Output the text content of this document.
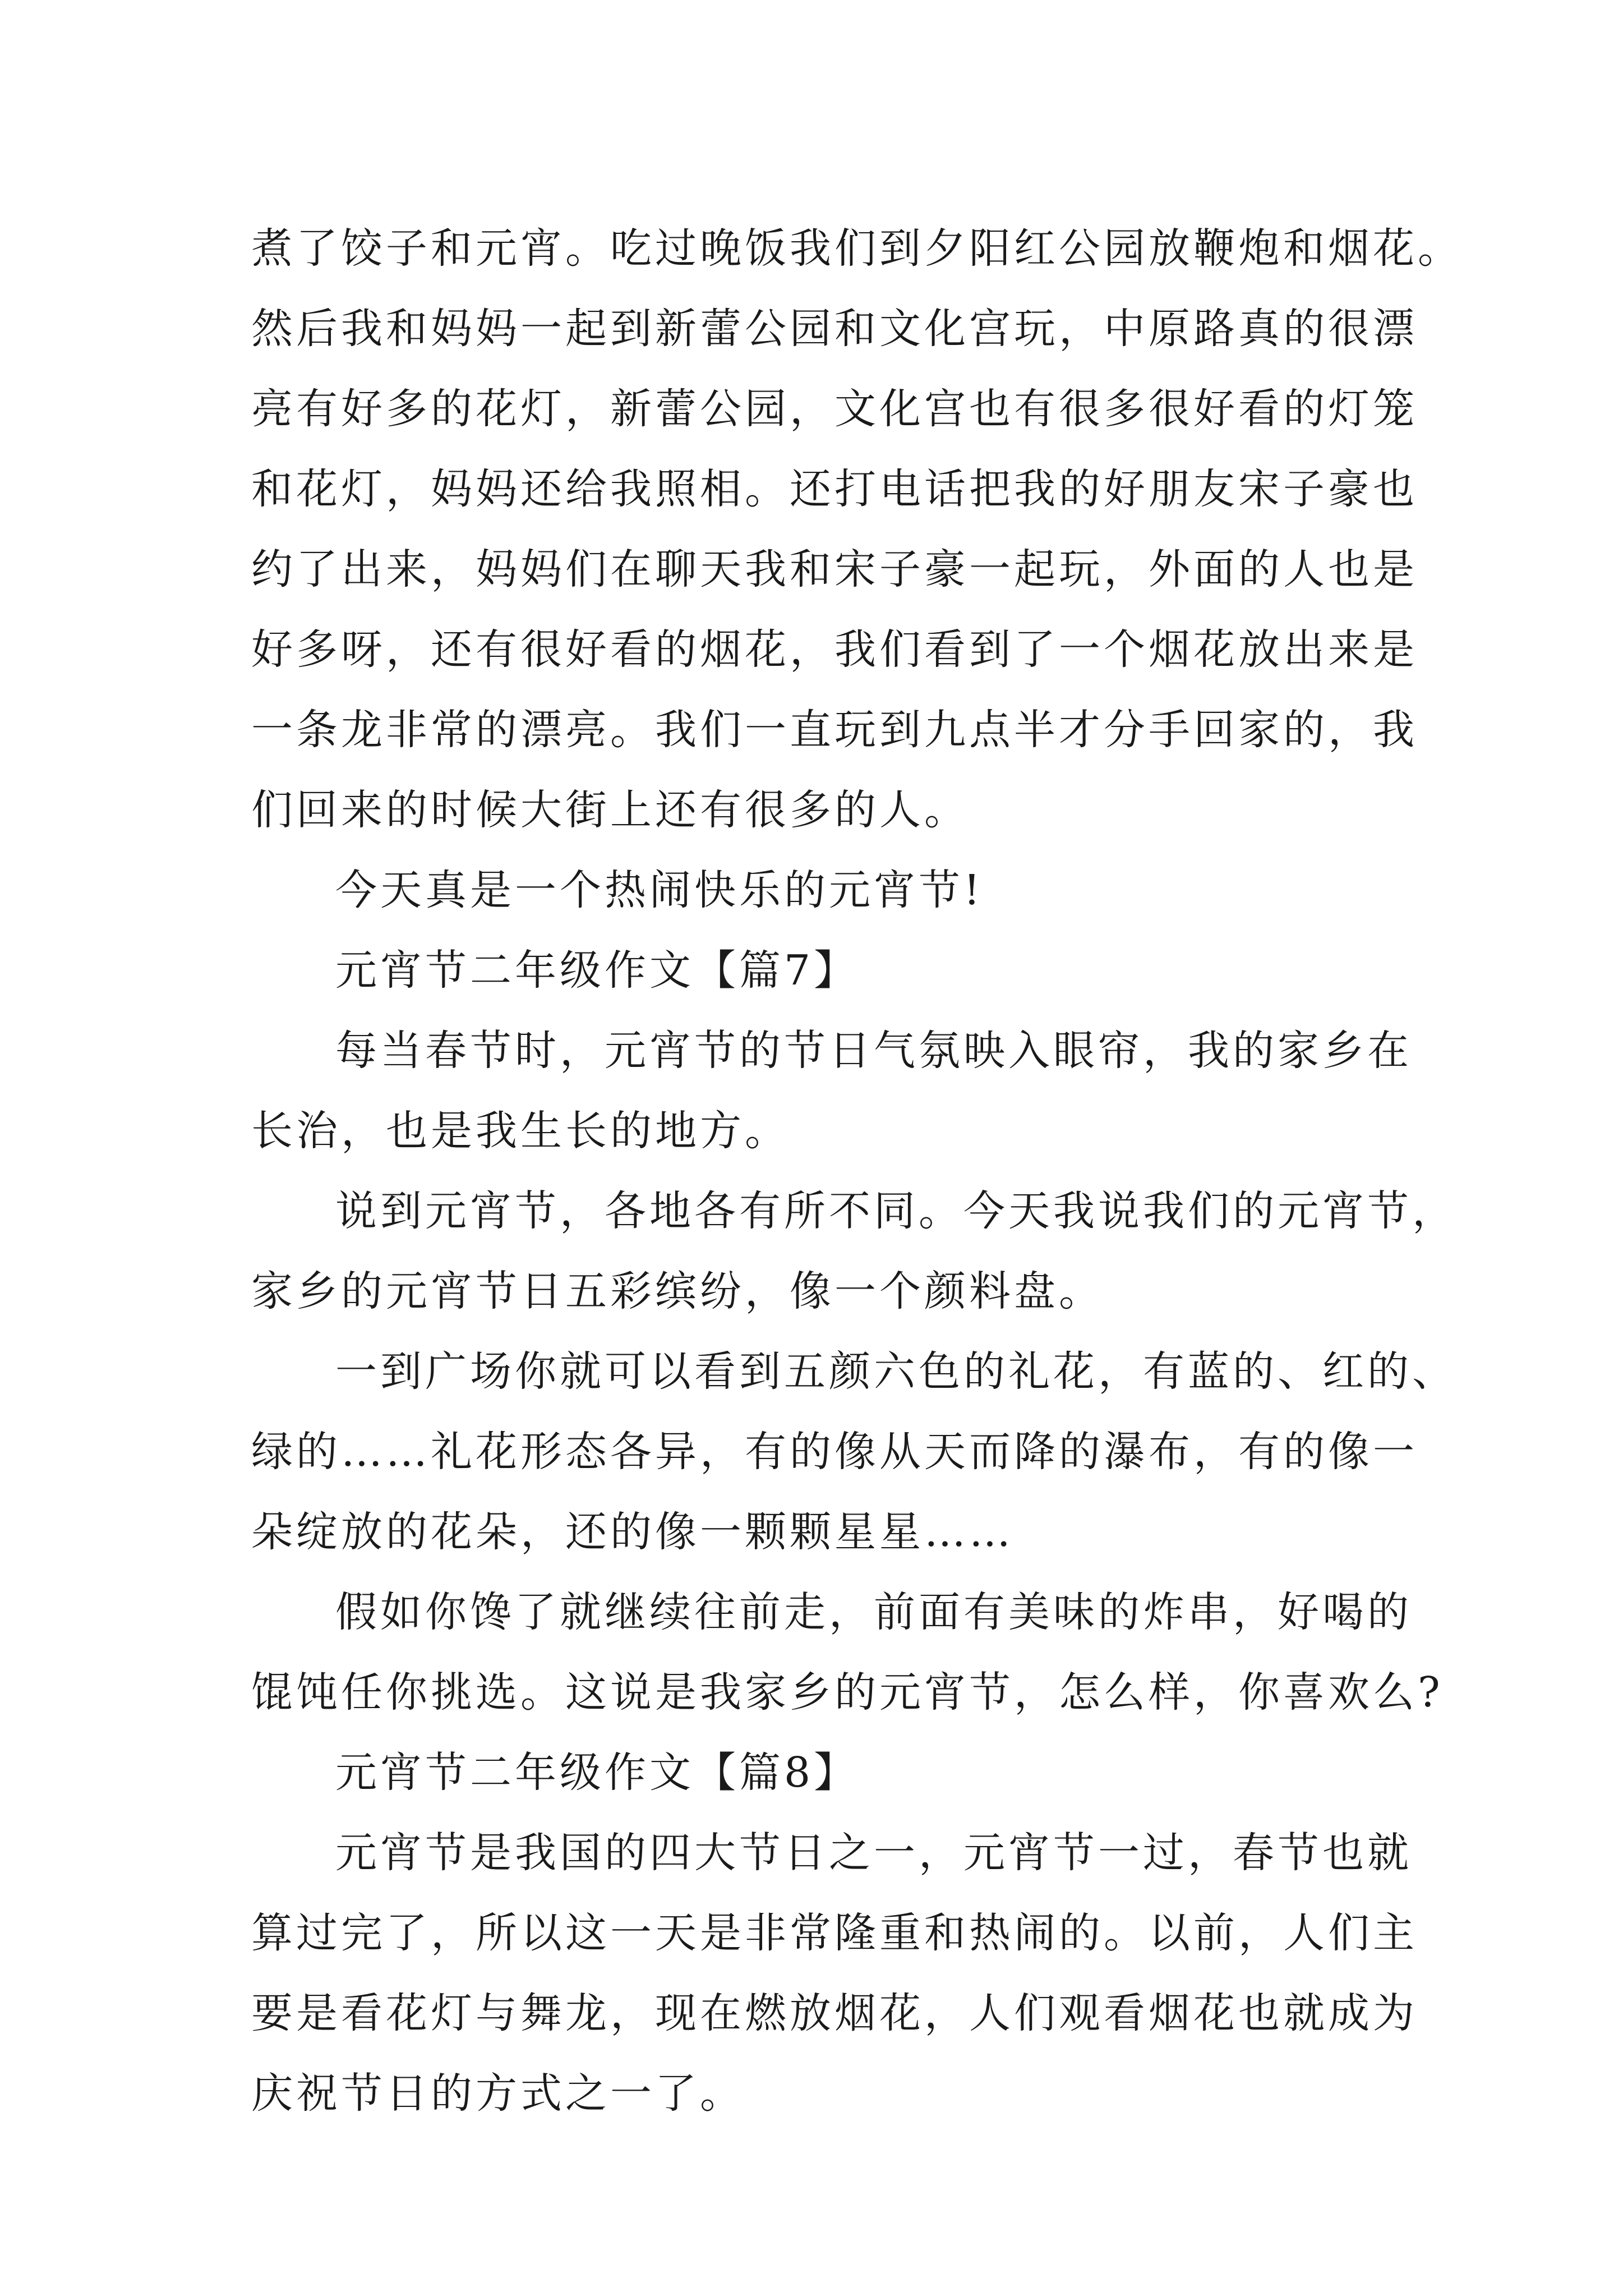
煮了饺子和元宵。吃过晚饭我们到夕阳红公园放鞭炮和烟花。
然后我和妈妈一起到新蕾公园和文化宫玩，中原路真的很漂
亮有好多的花灯，新蕾公园，文化宫也有很多很好看的灯笼
和花灯，妈妈还给我照相。还打电话把我的好朋友宋子豪也
约了出来，妈妈们在聊天我和宋子豪一起玩，外面的人也是
好多呀，还有很好看的烟花，我们看到了一个烟花放出来是
一条龙非常的漂亮。我们一直玩到九点半才分手回家的，我
们回来的时候大街上还有很多的人。
今天真是一个热闹快乐的元宵节!
元宵节二年级作文【篇7】
每当春节时，元宵节的节日气氛映入眼帘，我的家乡在
长治，也是我生长的地方。
说到元宵节，各地各有所不同。今天我说我们的元宵节，
家乡的元宵节日五彩缤纷，像一个颜料盘。
一到广场你就可以看到五颜六色的礼花，有蓝的、红的、
绿的……礼花形态各异，有的像从天而降的瀑布，有的像一
朵绽放的花朵，还的像一颗颗星星……
假如你馋了就继续往前走，前面有美味的炸串，好喝的
馄饨任你挑选。这说是我家乡的元宵节，怎么样，你喜欢么?
元宵节二年级作文【篇8】
元宵节是我国的四大节日之一，元宵节一过，春节也就
算过完了，所以这一天是非常隆重和热闹的。以前，人们主
要是看花灯与舞龙，现在燃放烟花，人们观看烟花也就成为
庆祝节日的方式之一了。
